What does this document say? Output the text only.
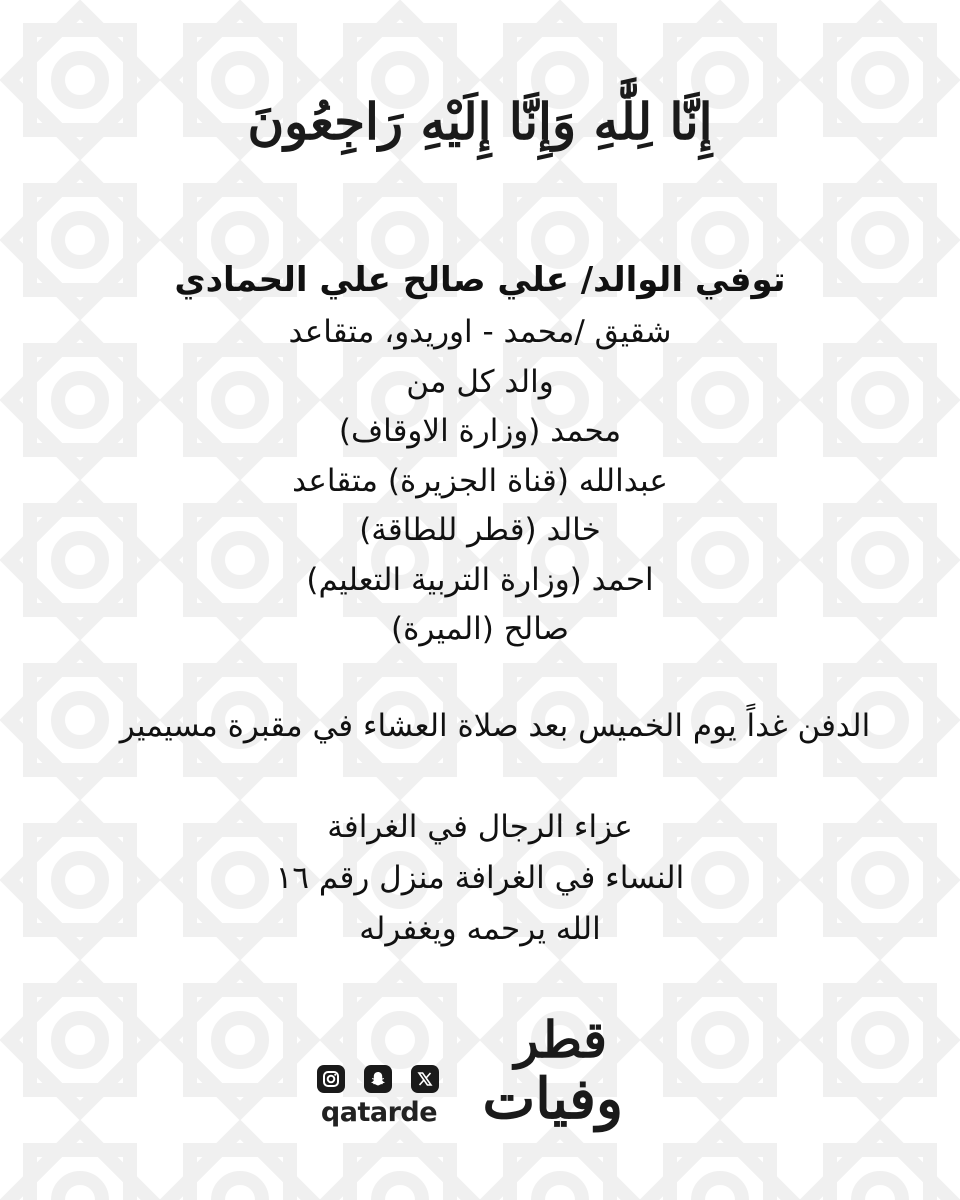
إِنَّا لِلَّٰهِ وَإِنَّا إِلَيْهِ رَاجِعُونَ
توفي الوالد/ علي صالح علي الحمادي
شقيق /محمد - اوريدو، متقاعد
والد كل من
محمد (وزارة الاوقاف)
عبدالله (قناة الجزيرة) متقاعد
خالد (قطر للطاقة)
احمد (وزارة التربية التعليم)
صالح (الميرة)
الدفن غداً يوم الخميس بعد صلاة العشاء في مقبرة مسيمير
عزاء الرجال في الغرافة
النساء في الغرافة منزل رقم ١٦
الله يرحمه ويغفرله
qatarde
قطر
وفيات
